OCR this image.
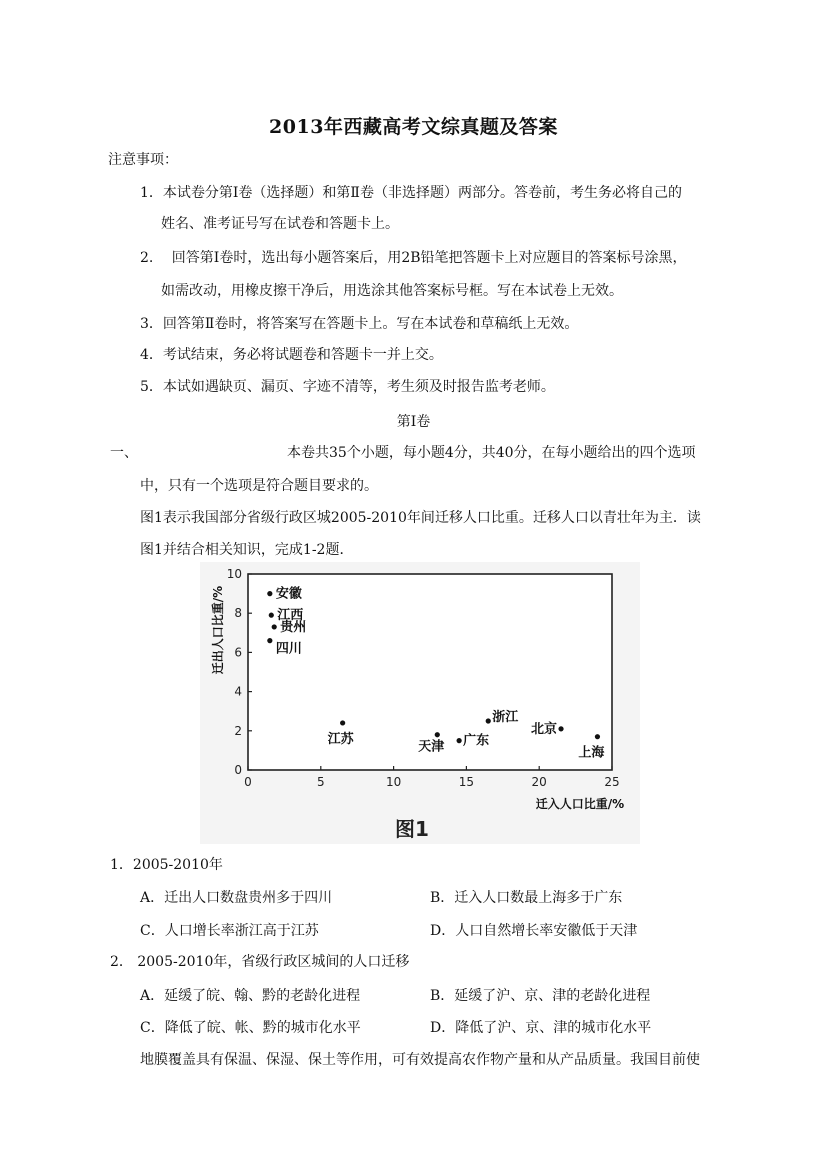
2013年西藏高考文综真题及答案
注意事项：
1．本试卷分第Ⅰ卷（选择题）和第Ⅱ卷（非选择题）两部分。答卷前，考生务必将自己的
姓名、准考证号写在试卷和答题卡上。
2.　 回答第Ⅰ卷时，选出每小题答案后，用2B铅笔把答题卡上对应题目的答案标号涂黑，
如需改动，用橡皮擦干净后，用选涂其他答案标号框。写在本试卷上无效。
3．回答第Ⅱ卷时，将答案写在答题卡上。写在本试卷和草稿纸上无效。
4．考试结束，务必将试题卷和答题卡一并上交。
5．本试如遇缺页、漏页、字迹不清等，考生须及时报告监考老师。
第Ⅰ卷
一、	本卷共35个小题，每小题4分，共40分，在每小题给出的四个选项
中，只有一个选项是符合题目要求的。
图1表示我国部分省级行政区城2005-2010年间迁移人口比重。迁移人口以青壮年为主．读
图1并结合相关知识，完成1-2题．
0	5	10	15	20	25
0
2
4
6
8
10
安徽
江西
贵州
四川
江苏
天津 广东
浙江
北京
上海
迁入人口比重/%
迁出人口比重/%
图1
1．2005-2010年
A．迁出人口数盘贵州多于四川	B．迁入人口数最上海多于广东
C．人口增长率浙江高于江苏	D．人口自然增长率安徽低于天津
2． 2005-2010年，省级行政区城间的人口迁移
A．延缓了皖、翰、黔的老龄化进程	B．延缓了沪、京、津的老龄化进程
C．降低了皖、帐、黔的城市化水平	D．降低了沪、京、津的城市化水平
地膜覆盖具有保温、保湿、保土等作用，可有效提高农作物产量和从产品质量。我国目前使
